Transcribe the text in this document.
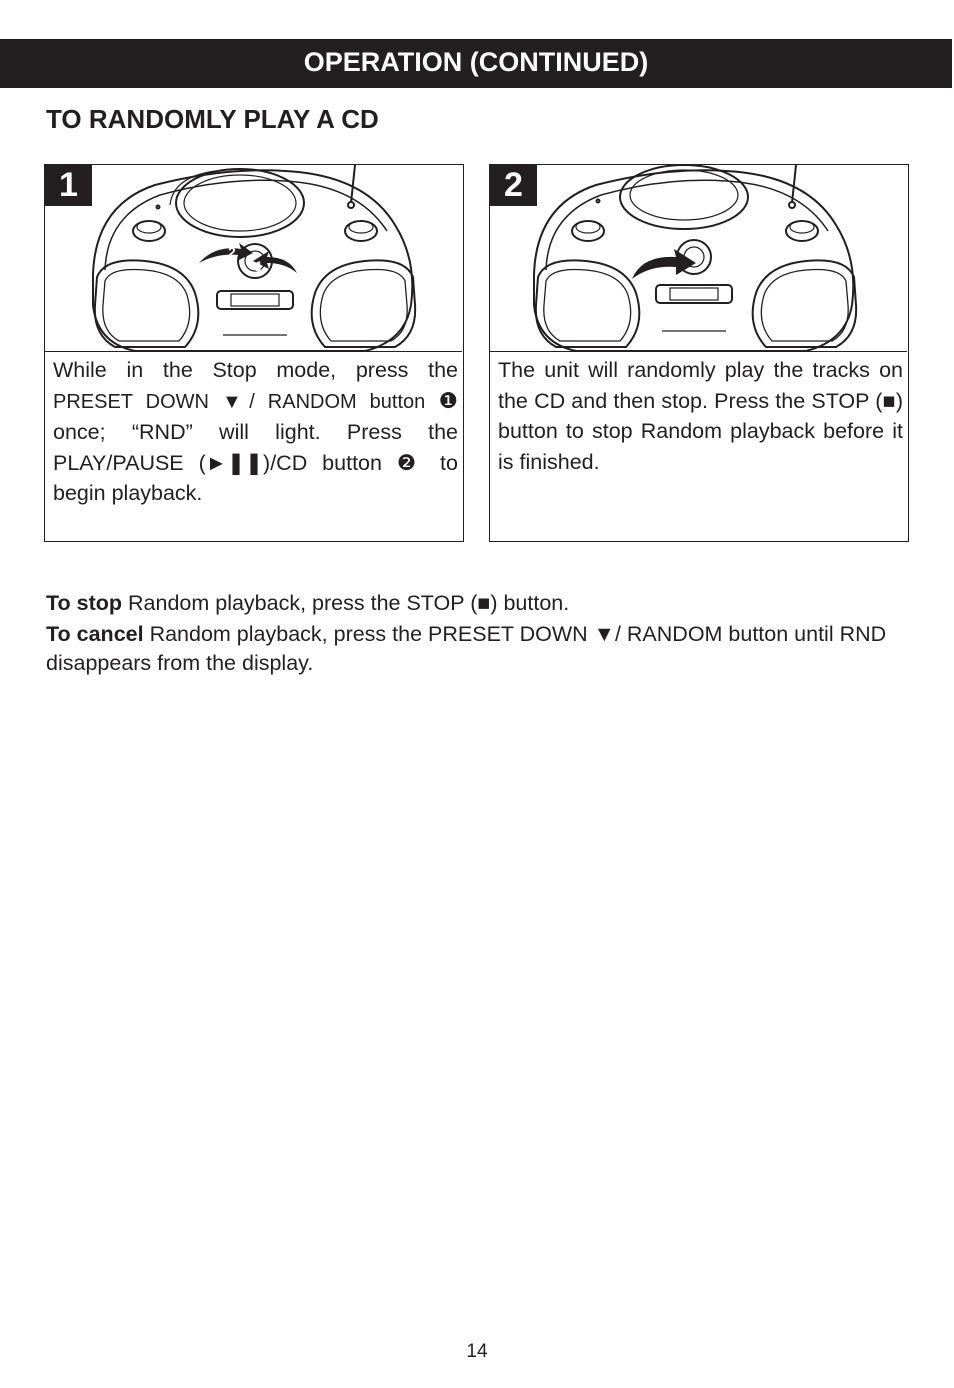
OPERATION (CONTINUED)
TO RANDOMLY PLAY A CD
2
1
1
While in the Stop mode, press the PRESET DOWN ▼/ RANDOM button ❶ once; “RND” will light. Press the PLAY/PAUSE (►❚❚)/CD button ❷ to begin playback.
2
The unit will randomly play the tracks on the CD and then stop. Press the STOP (■) button to stop Random playback before it is finished.
To stop Random playback, press the STOP (■) button.
To cancel Random playback, press the PRESET DOWN ▼/ RANDOM button until RND disappears from the display.
14
